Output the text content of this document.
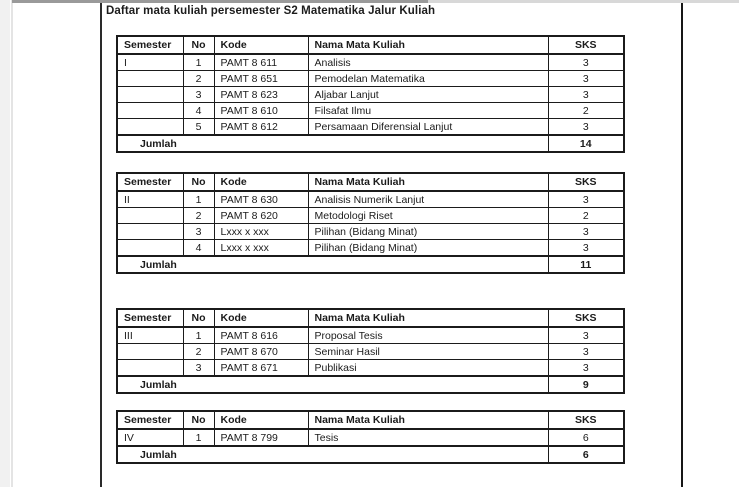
Daftar mata kuliah persemester S2 Matematika Jalur Kuliah
Semester	No	Kode	Nama Mata Kuliah	SKS
I	1	PAMT 8 611	Analisis	3
	2	PAMT 8 651	Pemodelan Matematika	3
	3	PAMT 8 623	Aljabar Lanjut	3
	4	PAMT 8 610	Filsafat Ilmu	2
	5	PAMT 8 612	Persamaan Diferensial Lanjut	3
Jumlah				14
Semester	No	Kode	Nama Mata Kuliah	SKS
II	1	PAMT 8 630	Analisis Numerik Lanjut	3
	2	PAMT 8 620	Metodologi Riset	2
	3	Lxxx x xxx	Pilihan (Bidang Minat)	3
	4	Lxxx x xxx	Pilihan (Bidang Minat)	3
Jumlah				11
Semester	No	Kode	Nama Mata Kuliah	SKS
III	1	PAMT 8 616	Proposal Tesis	3
	2	PAMT 8 670	Seminar Hasil	3
	3	PAMT 8 671	Publikasi	3
Jumlah				9
Semester	No	Kode	Nama Mata Kuliah	SKS
IV	1	PAMT 8 799	Tesis	6
Jumlah				6
